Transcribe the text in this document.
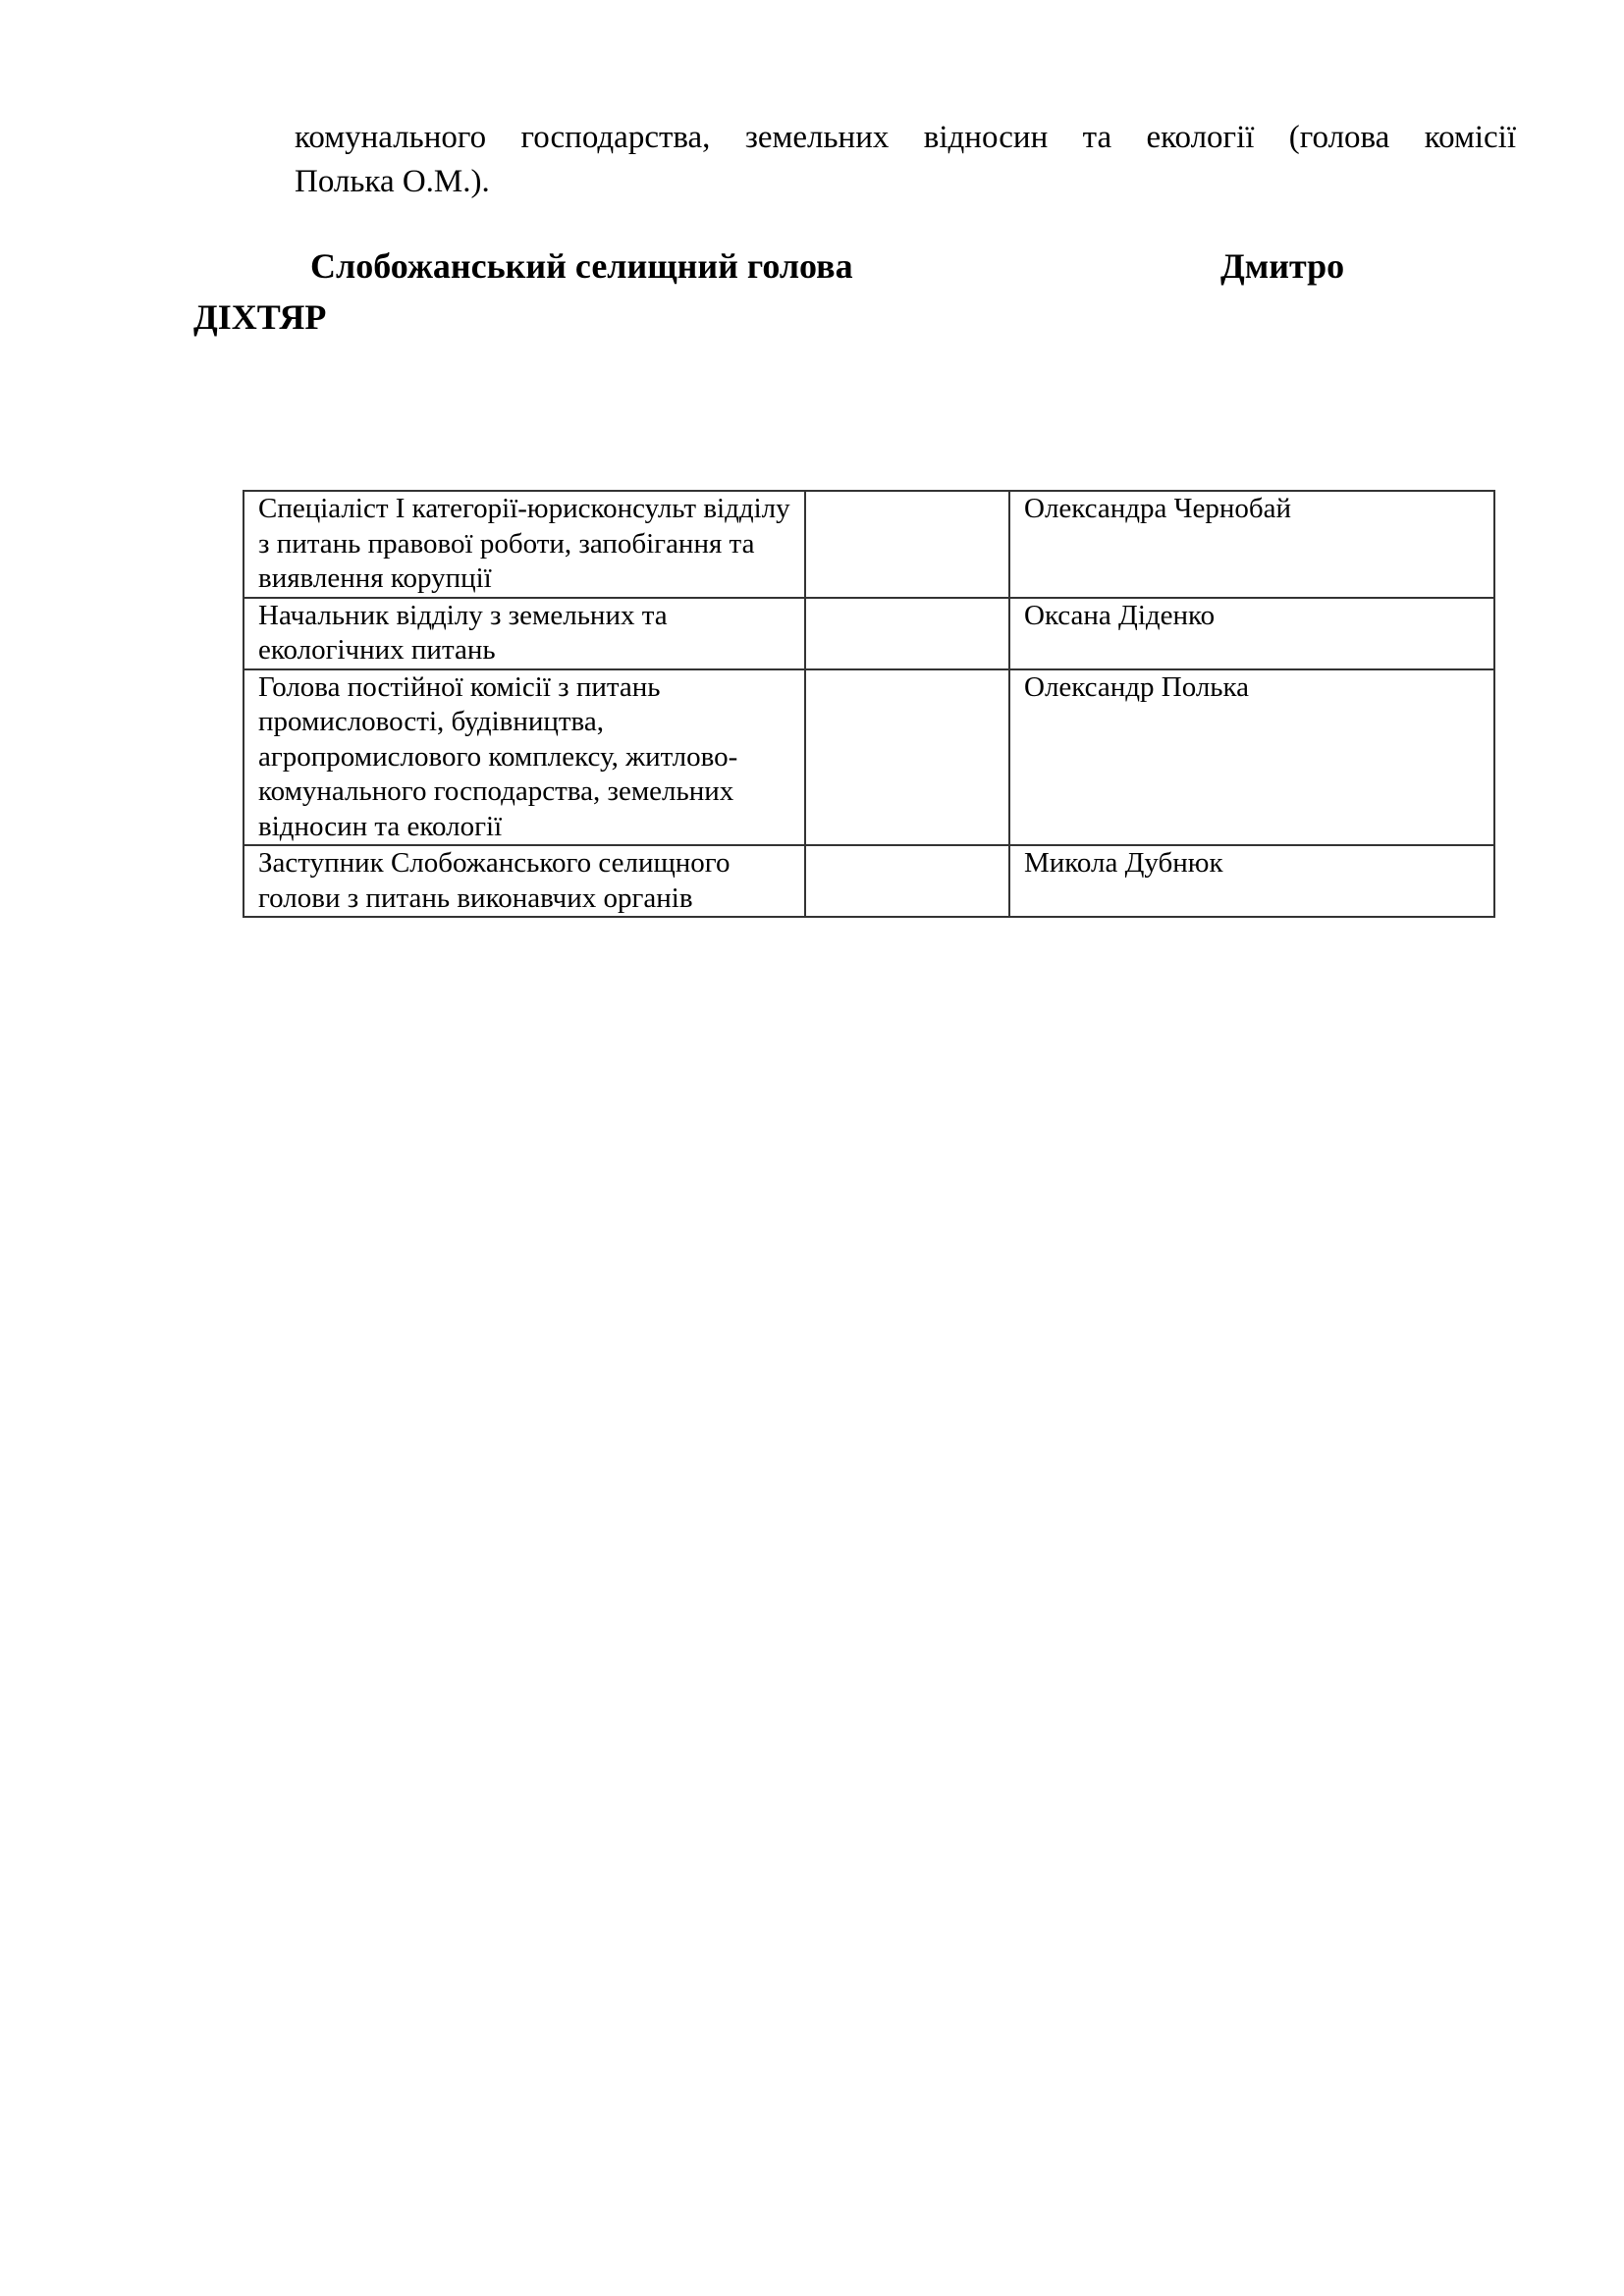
комунального господарства, земельних відносин та екології (голова комісії
Полька О.М.).
Слобожанський селищний голова	Дмитро
ДІХТЯР
Спеціаліст І категорії-юрисконсульт відділу з питань правової роботи, запобігання та виявлення корупції		Олександра Чернобай
Начальник відділу з земельних та екологічних питань		Оксана Діденко
Голова постійної комісії з питань промисловості, будівництва, агропромислового комплексу, житлово-комунального господарства, земельних відносин та екології		Олександр Полька
Заступник Слобожанського селищного голови з питань виконавчих органів		Микола Дубнюк
